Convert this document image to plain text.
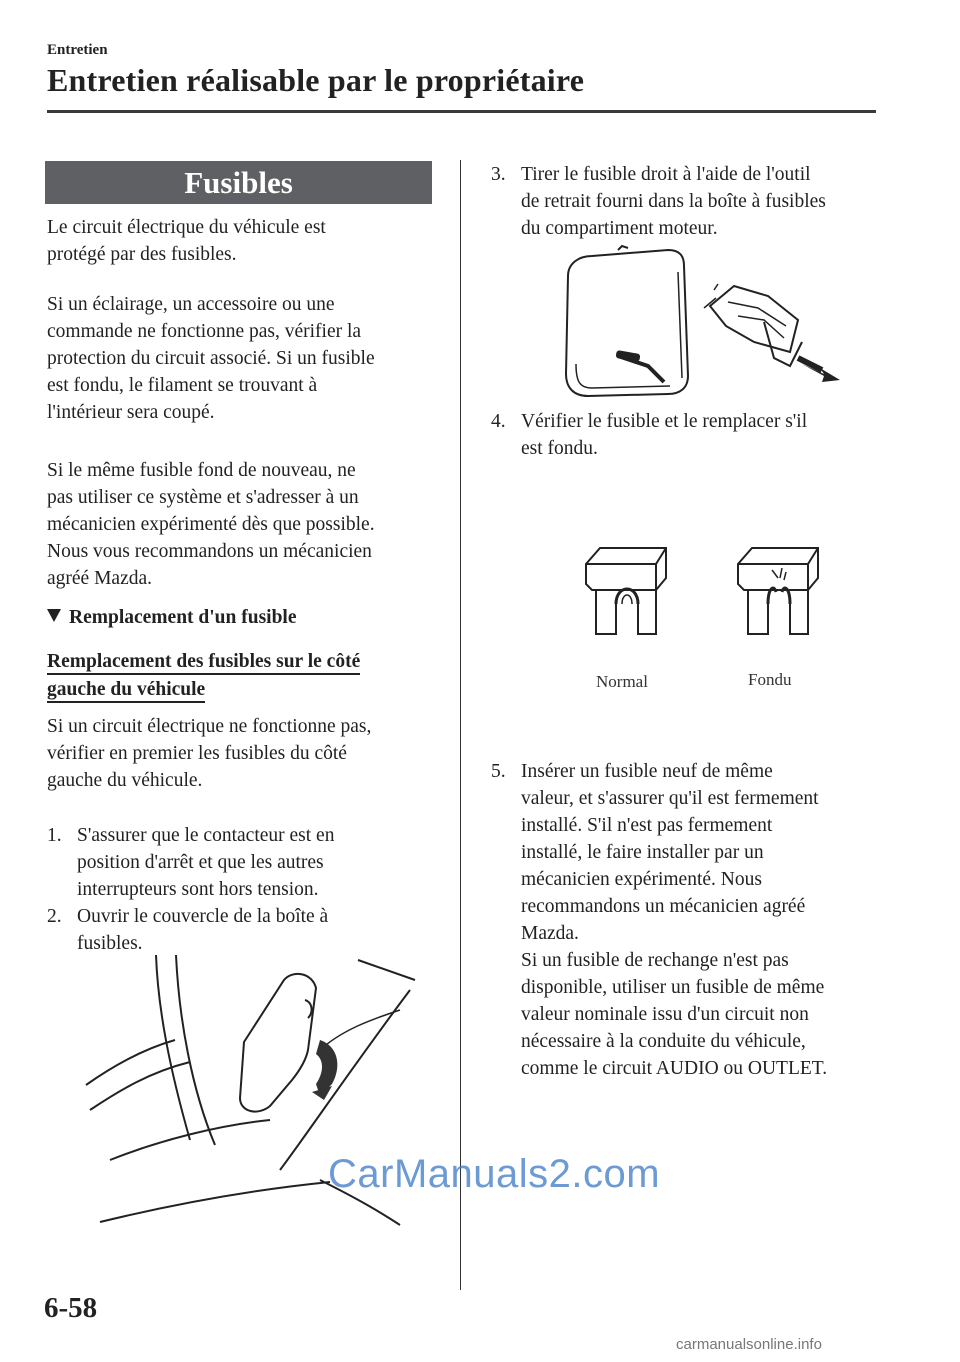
Entretien
Entretien réalisable par le propriétaire
Fusibles
Le circuit électrique du véhicule est
protégé par des fusibles.
Si un éclairage, un accessoire ou une
commande ne fonctionne pas, vérifier la
protection du circuit associé. Si un fusible
est fondu, le filament se trouvant à
l'intérieur sera coupé.
Si le même fusible fond de nouveau, ne
pas utiliser ce système et s'adresser à un
mécanicien expérimenté dès que possible.
Nous vous recommandons un mécanicien
agréé Mazda.
Remplacement d'un fusible
Remplacement des fusibles sur le côté
gauche du véhicule
Si un circuit électrique ne fonctionne pas,
vérifier en premier les fusibles du côté
gauche du véhicule.
1. S'assurer que le contacteur est en
position d'arrêt et que les autres
interrupteurs sont hors tension.
2. Ouvrir le couvercle de la boîte à
fusibles.
3. Tirer le fusible droit à l'aide de l'outil
de retrait fourni dans la boîte à fusibles
du compartiment moteur.
4. Vérifier le fusible et le remplacer s'il
est fondu.
Normal	Fondu
5. Insérer un fusible neuf de même
valeur, et s'assurer qu'il est fermement
installé. S'il n'est pas fermement
installé, le faire installer par un
mécanicien expérimenté. Nous
recommandons un mécanicien agréé
Mazda.
Si un fusible de rechange n'est pas
disponible, utiliser un fusible de même
valeur nominale issu d'un circuit non
nécessaire à la conduite du véhicule,
comme le circuit AUDIO ou OUTLET.
CarManuals2.com
carmanualsonline.info
6-58
